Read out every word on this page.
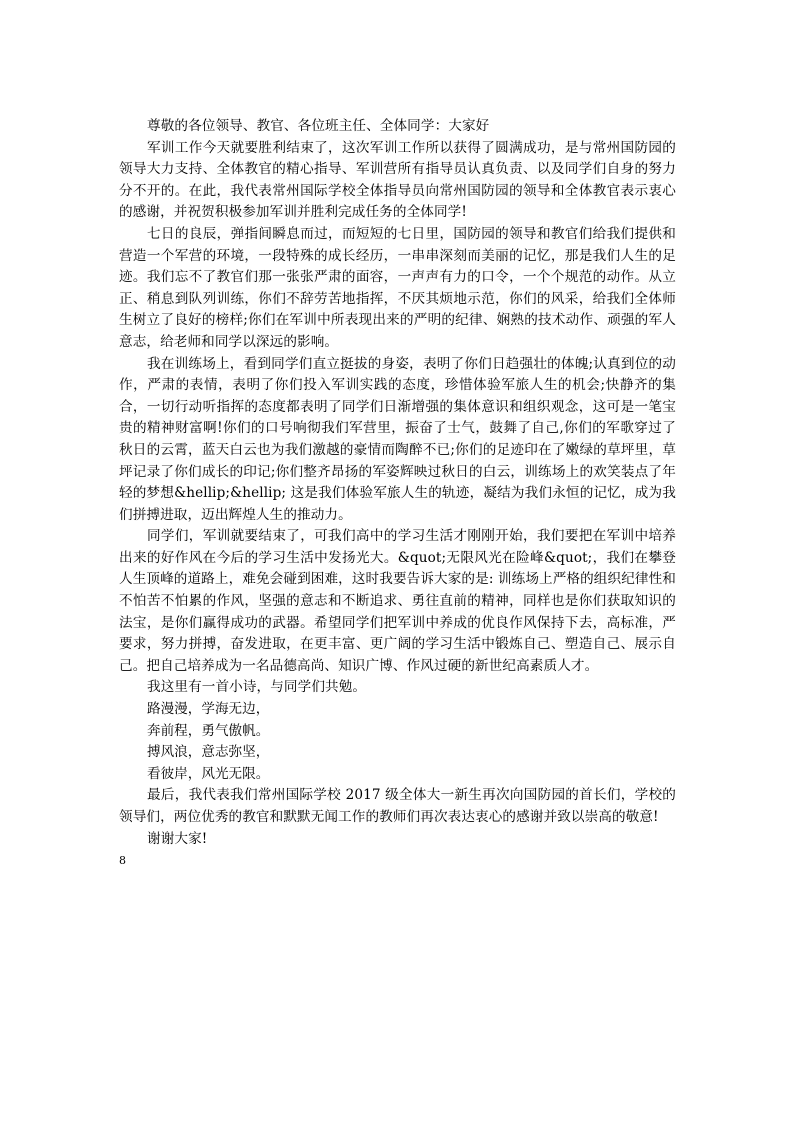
尊敬的各位领导、教官、各位班主任、全体同学：大家好

军训工作今天就要胜利结束了，这次军训工作所以获得了圆满成功，是与常州国防园的领导大力支持、全体教官的精心指导、军训营所有指导员认真负责、以及同学们自身的努力分不开的。在此，我代表常州国际学校全体指导员向常州国防园的领导和全体教官表示衷心的感谢，并祝贺积极参加军训并胜利完成任务的全体同学!

七日的良辰，弹指间瞬息而过，而短短的七日里，国防园的领导和教官们给我们提供和营造一个军营的环境，一段特殊的成长经历，一串串深刻而美丽的记忆，那是我们人生的足迹。我们忘不了教官们那一张张严肃的面容，一声声有力的口令，一个个规范的动作。从立正、稍息到队列训练，你们不辞劳苦地指挥，不厌其烦地示范，你们的风采，给我们全体师生树立了良好的榜样;你们在军训中所表现出来的严明的纪律、娴熟的技术动作、顽强的军人意志，给老师和同学以深远的影响。

我在训练场上，看到同学们直立挺拔的身姿，表明了你们日趋强壮的体魄;认真到位的动作，严肃的表情，表明了你们投入军训实践的态度，珍惜体验军旅人生的机会;快静齐的集合，一切行动听指挥的态度都表明了同学们日渐增强的集体意识和组织观念，这可是一笔宝贵的精神财富啊!你们的口号响彻我们军营里，振奋了士气，鼓舞了自己,你们的军歌穿过了秋日的云霄，蓝天白云也为我们激越的豪情而陶醉不已;你们的足迹印在了嫩绿的草坪里，草坪记录了你们成长的印记;你们整齐昂扬的军姿辉映过秋日的白云，训练场上的欢笑装点了年轻的梦想&hellip;&hellip; 这是我们体验军旅人生的轨迹，凝结为我们永恒的记忆，成为我们拼搏进取，迈出辉煌人生的推动力。

同学们，军训就要结束了，可我们高中的学习生活才刚刚开始，我们要把在军训中培养出来的好作风在今后的学习生活中发扬光大。&quot;无限风光在险峰&quot;，我们在攀登人生顶峰的道路上，难免会碰到困难，这时我要告诉大家的是: 训练场上严格的组织纪律性和不怕苦不怕累的作风，坚强的意志和不断追求、勇往直前的精神，同样也是你们获取知识的法宝，是你们赢得成功的武器。希望同学们把军训中养成的优良作风保持下去，高标准，严要求，努力拼搏，奋发进取，在更丰富、更广阔的学习生活中锻炼自己、塑造自己、展示自己。把自己培养成为一名品德高尚、知识广博、作风过硬的新世纪高素质人才。

我这里有一首小诗，与同学们共勉。

路漫漫，学海无边，

奔前程，勇气傲帆。

搏风浪，意志弥坚，

看彼岸，风光无限。

最后，我代表我们常州国际学校 2017 级全体大一新生再次向国防园的首长们，学校的领导们，两位优秀的教官和默默无闻工作的教师们再次表达衷心的感谢并致以崇高的敬意!

谢谢大家!

8
